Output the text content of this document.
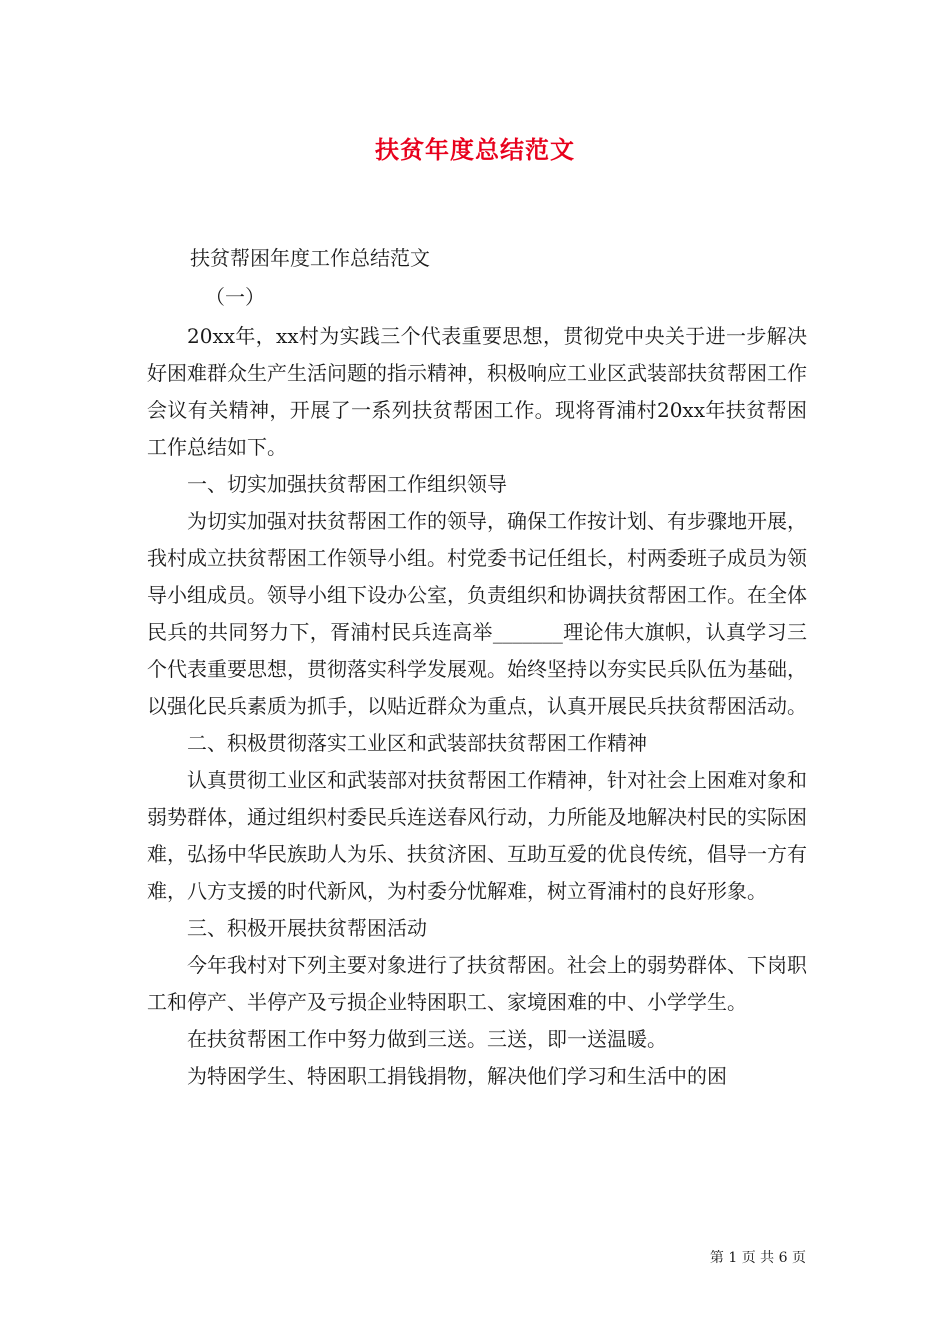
扶贫年度总结范文

扶贫帮困年度工作总结范文

（一）

20xx年，xx村为实践三个代表重要思想，贯彻党中央关于进一步解决好困难群众生产生活问题的指示精神，积极响应工业区武装部扶贫帮困工作会议有关精神，开展了一系列扶贫帮困工作。现将胥浦村20xx年扶贫帮困工作总结如下。

一、切实加强扶贫帮困工作组织领导

为切实加强对扶贫帮困工作的领导，确保工作按计划、有步骤地开展，我村成立扶贫帮困工作领导小组。村党委书记任组长，村两委班子成员为领导小组成员。领导小组下设办公室，负责组织和协调扶贫帮困工作。在全体民兵的共同努力下，胥浦村民兵连高举_______理论伟大旗帜，认真学习三个代表重要思想，贯彻落实科学发展观。始终坚持以夯实民兵队伍为基础，以强化民兵素质为抓手，以贴近群众为重点，认真开展民兵扶贫帮困活动。

二、积极贯彻落实工业区和武装部扶贫帮困工作精神

认真贯彻工业区和武装部对扶贫帮困工作精神，针对社会上困难对象和弱势群体，通过组织村委民兵连送春风行动，力所能及地解决村民的实际困难，弘扬中华民族助人为乐、扶贫济困、互助互爱的优良传统，倡导一方有难，八方支援的时代新风，为村委分忧解难，树立胥浦村的良好形象。

三、积极开展扶贫帮困活动

今年我村对下列主要对象进行了扶贫帮困。社会上的弱势群体、下岗职工和停产、半停产及亏损企业特困职工、家境困难的中、小学学生。

在扶贫帮困工作中努力做到三送。三送，即一送温暖。

为特困学生、特困职工捐钱捐物，解决他们学习和生活中的困

第 1 页 共 6 页
